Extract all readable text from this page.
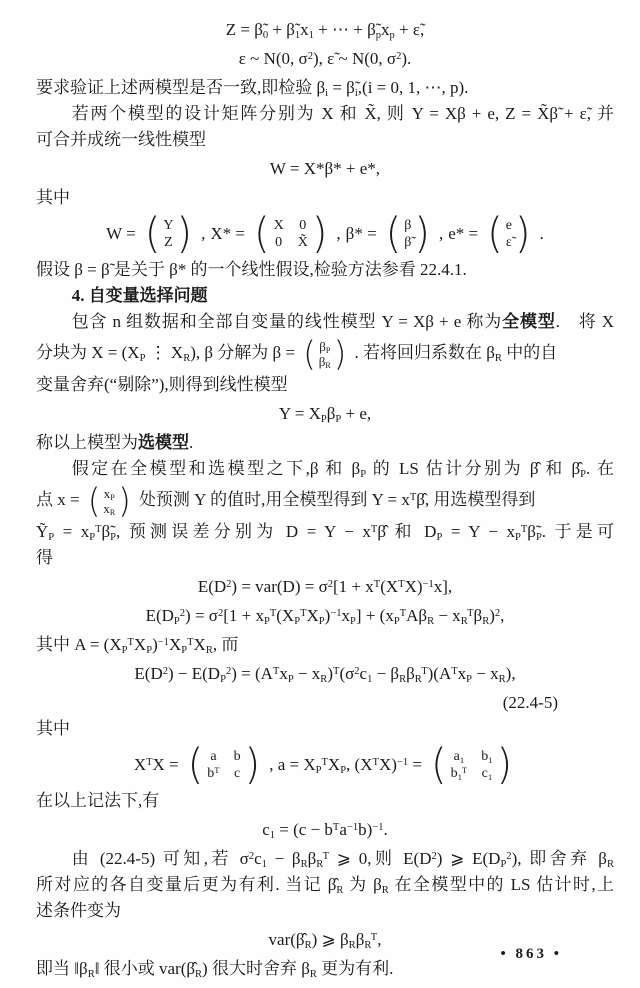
$Z = \betã_0$ + $\betã_1x_1$ + ⋯ + $\betã_px_p$ + ε̃,
ε ~ N(0, $\sigma^2$), ε̃ ~ N(0, $\sigma^2$).
要求验证上述两模型是否一致,即检验 $\beta_i$ = $\betã_i,(i = 0$, 1, ⋯, p).
若两个模型的设计矩阵分别为 X 和 X̃, 则 Y = Xβ + e, Z = X̃β̃ + ε̃, 并
可合并成统一线性模型
W = X*β* + e*,
其中
W = ( Y
Z ) , X* = ( X 0
0 X̃ ) , β* = ( β
β̃ ) , e* = ( e
ε̃ ) .
假设 β = β̃ 是关于 β* 的一个线性假设,检验方法参看 22.4.1.
4. 自变量选择问题
包含 n 组数据和全部自变量的线性模型 Y = Xβ + e 称为全模型.　将 X
分块为 $X = (X_P$ ⋮ $X_R$), β 分解为 β = ( $\beta_P$
$\beta_R$ ) . 若将回归系数在 $\beta_R$ 中的自
变量舍弃(“剔除”),则得到线性模型
$Y = X_P\beta_P + e$,
称以上模型为选模型.
假定在全模型和选模型之下,β 和 $\beta_P$ 的 LS 估计分别为 β̂ 和 $\betâ_P$. 在
点 x = ( $x_P$
$x_R$ ) 处预测 Y 的值时,用全模型得到 $Y = x^T\betâ$, 用选模型得到
Ỹ$_P$ = $x_P^T\betã_P$, 预测误差分别为 $D = Y - x^T\betâ$ 和 $D_P = Y$ − $x_P^T\betã_P$. 于是可
得
$E(D^2) = var(D) = \sigma^2[1 + x^T(X^TX)^{-1}x]$,
$E(D_P^2) = \sigma^2[1 + x_P^T(X_P^TX_P)^{-1}x_P] + (x_P^TA\beta_R - x_R^T\beta_R)^2$,
其中 $A = (X_P^TX_P)^{-1}X_P^TX_R$, 而
$E(D^2) - E(D_P^2) = (A^Tx_P - x_R)^T(\sigma^2c_1 - \beta_R\beta_R^T)(A^Tx_P - x_R)$,
(22.4-5)
其中
$X^TX$ = ( a b
$b^T$ c ) , $a = X_P^TX_P$, $(X^TX)^{-1}$ = ( $a_1$ $b_1$
$b_1^T$ $c_1$ )
在以上记法下,有
$c_1 = (c - b^Ta^{-1}b)^{-1}$.
由 (22.4-5) 可知,若 $\sigma^2c_1 - \beta_R\beta_R^T$ ⩾ 0,则 $E(D^2)$ ⩾ $E(D_P^2)$, 即舍弃 $\beta_R$
所对应的各自变量后更为有利. 当记 $\betâ_R$ 为 $\beta_R$ 在全模型中的 LS 估计时,上
述条件变为
$var(\betâ_R)$ ⩾ $\beta_R\beta_R^T$,
即当 $‖\beta_R‖$ 很小或 $var(\betâ_R)$ 很大时舍弃 $\beta_R$ 更为有利.
• 863 •
